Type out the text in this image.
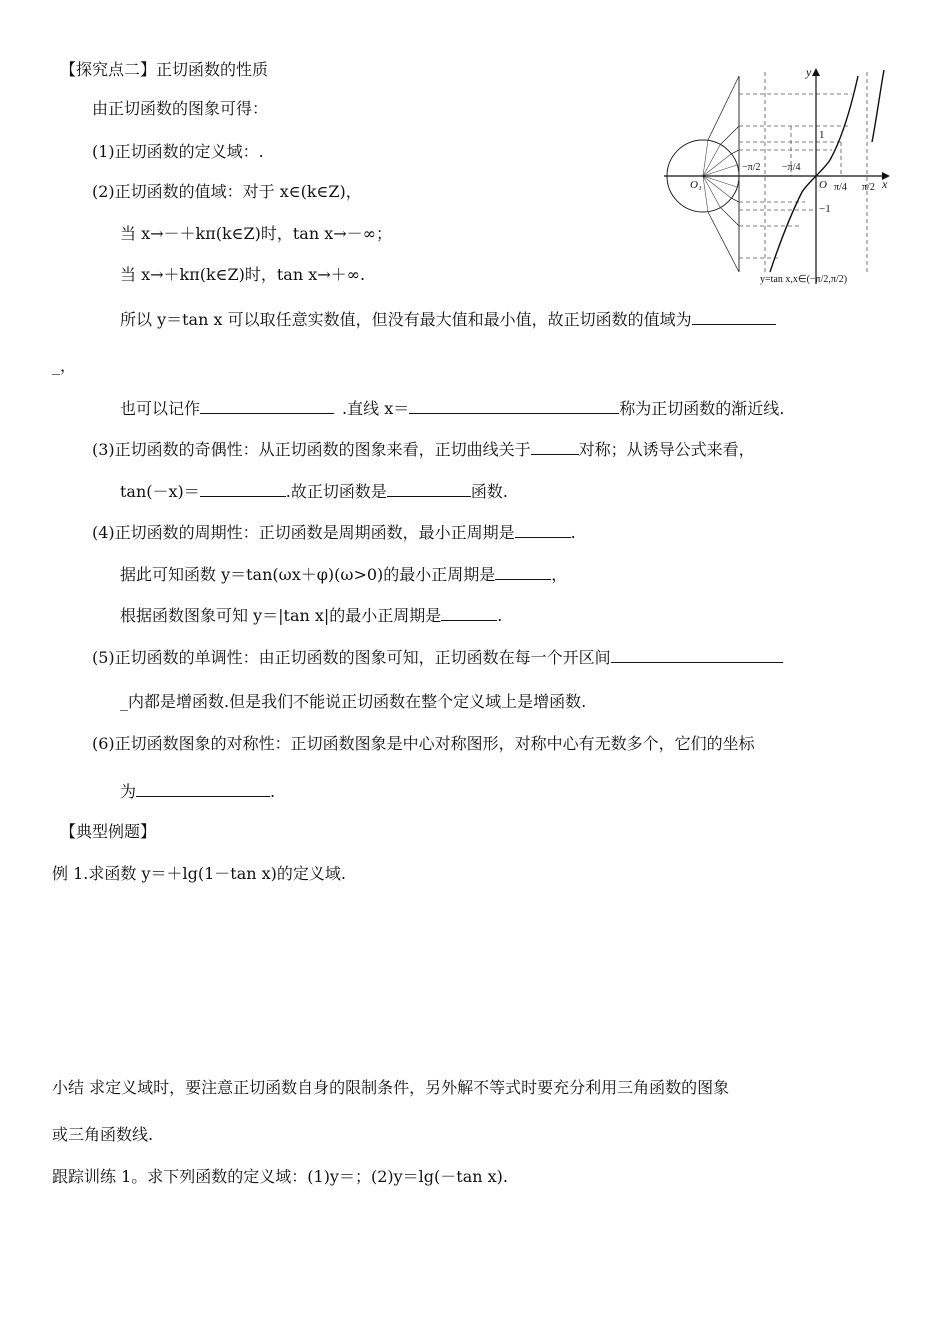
【探究点二】正切函数的性质
由正切函数的图象可得：
(1)正切函数的定义域：.
(2)正切函数的值域：对于 x∈(k∈Z)，
当 x→－＋kπ(k∈Z)时，tan x→－∞；
当 x→＋kπ(k∈Z)时，tan x→＋∞.
所以 y＝tan x 可以取任意实数值，但没有最大值和最小值，故正切函数的值域为
_，
也可以记作	.直线 x＝	称为正切函数的渐近线.
(3)正切函数的奇偶性：从正切函数的图象来看，正切曲线关于	对称；从诱导公式来看，
tan(－x)＝	.故正切函数是	函数.
(4)正切函数的周期性：正切函数是周期函数，最小正周期是	.
据此可知函数 y＝tan(ωx＋φ)(ω>0)的最小正周期是	，
根据函数图象可知 y＝|tan x|的最小正周期是	.
(5)正切函数的单调性：由正切函数的图象可知，正切函数在每一个开区间
_内都是增函数.但是我们不能说正切函数在整个定义域上是增函数.
(6)正切函数图象的对称性：正切函数图象是中心对称图形，对称中心有无数多个，它们的坐标
为	.
【典型例题】
例 1.求函数 y＝＋lg(1－tan x)的定义域.
小结 求定义域时，要注意正切函数自身的限制条件，另外解不等式时要充分利用三角函数的图象
或三角函数线.
跟踪训练 1。求下列函数的定义域：(1)y＝；(2)y＝lg(－tan x).
y
x
O₁	O
1
−1
−π/2 −π/4
π/4 π/2
y=tan x,x∈(−π/2,π/2)
